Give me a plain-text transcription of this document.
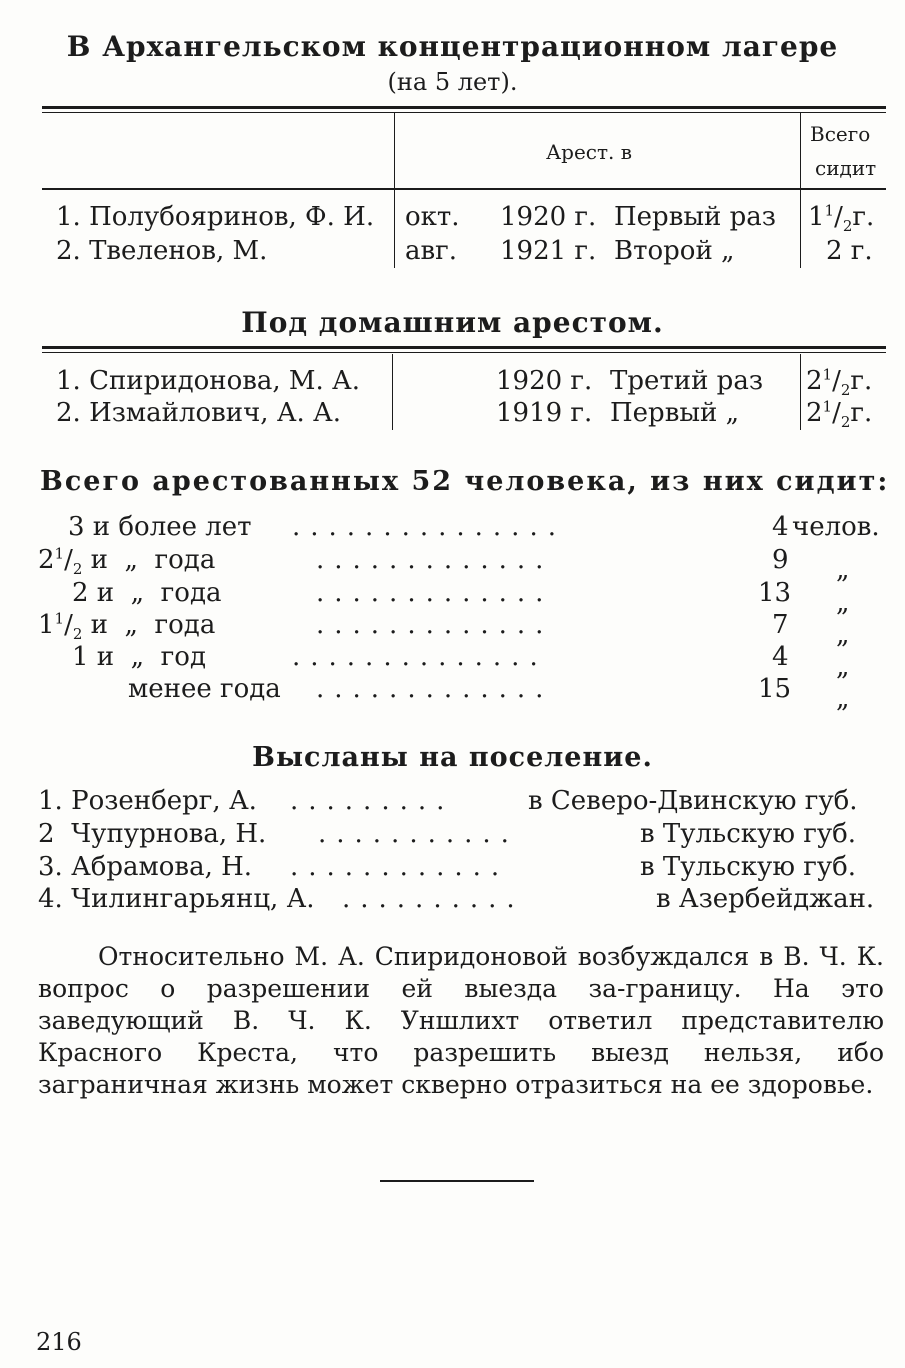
В Архангельском концентрационном лагере
(на 5 лет).
Арест. в
Всего
сидит
1. Полубояринов, Ф. И. окт. 1920 г. Первый раз $1^1/_2г$.
2. Твеленов, М.	авг. 1921 г. Второй „	2 г.
Под домашним арестом.
1. Спиридонова, М. А.	1920 г. Третий раз $2^1/_2г$.
2. Измайлович, А. А.	1919 г. Первый „	$2^1/_2г$.
Всего арестованных 52 человека, из них сидит:
3 и более лет ...............	4 челов.
$2^1/_2$ и  „  года	.............	9 „
2 и  „  года	.............	13 „
$1^1/_2$ и  „  года	.............	7 „
1 и  „  год	..............	4 „
менее года .............	15 „
Высланы на поселение.
1. Розенберг, А. .........	в Северо-Двинскую губ.
2  Чупурнова, Н. ...........	в Тульскую губ.
3. Абрамова, Н. ............	в Тульскую губ.
4. Чилингарьянц, А. ..........	в Азербейджан.
Относительно М. А. Спиридоновой возбуждался в В. Ч. К. вопрос о разрешении ей выезда за-границу. На это заведующий В. Ч. К. Уншлихт ответил представителю Красного Креста, что разрешить выезд нельзя, ибо заграничная жизнь может скверно отразиться на ее здоровье.
216
